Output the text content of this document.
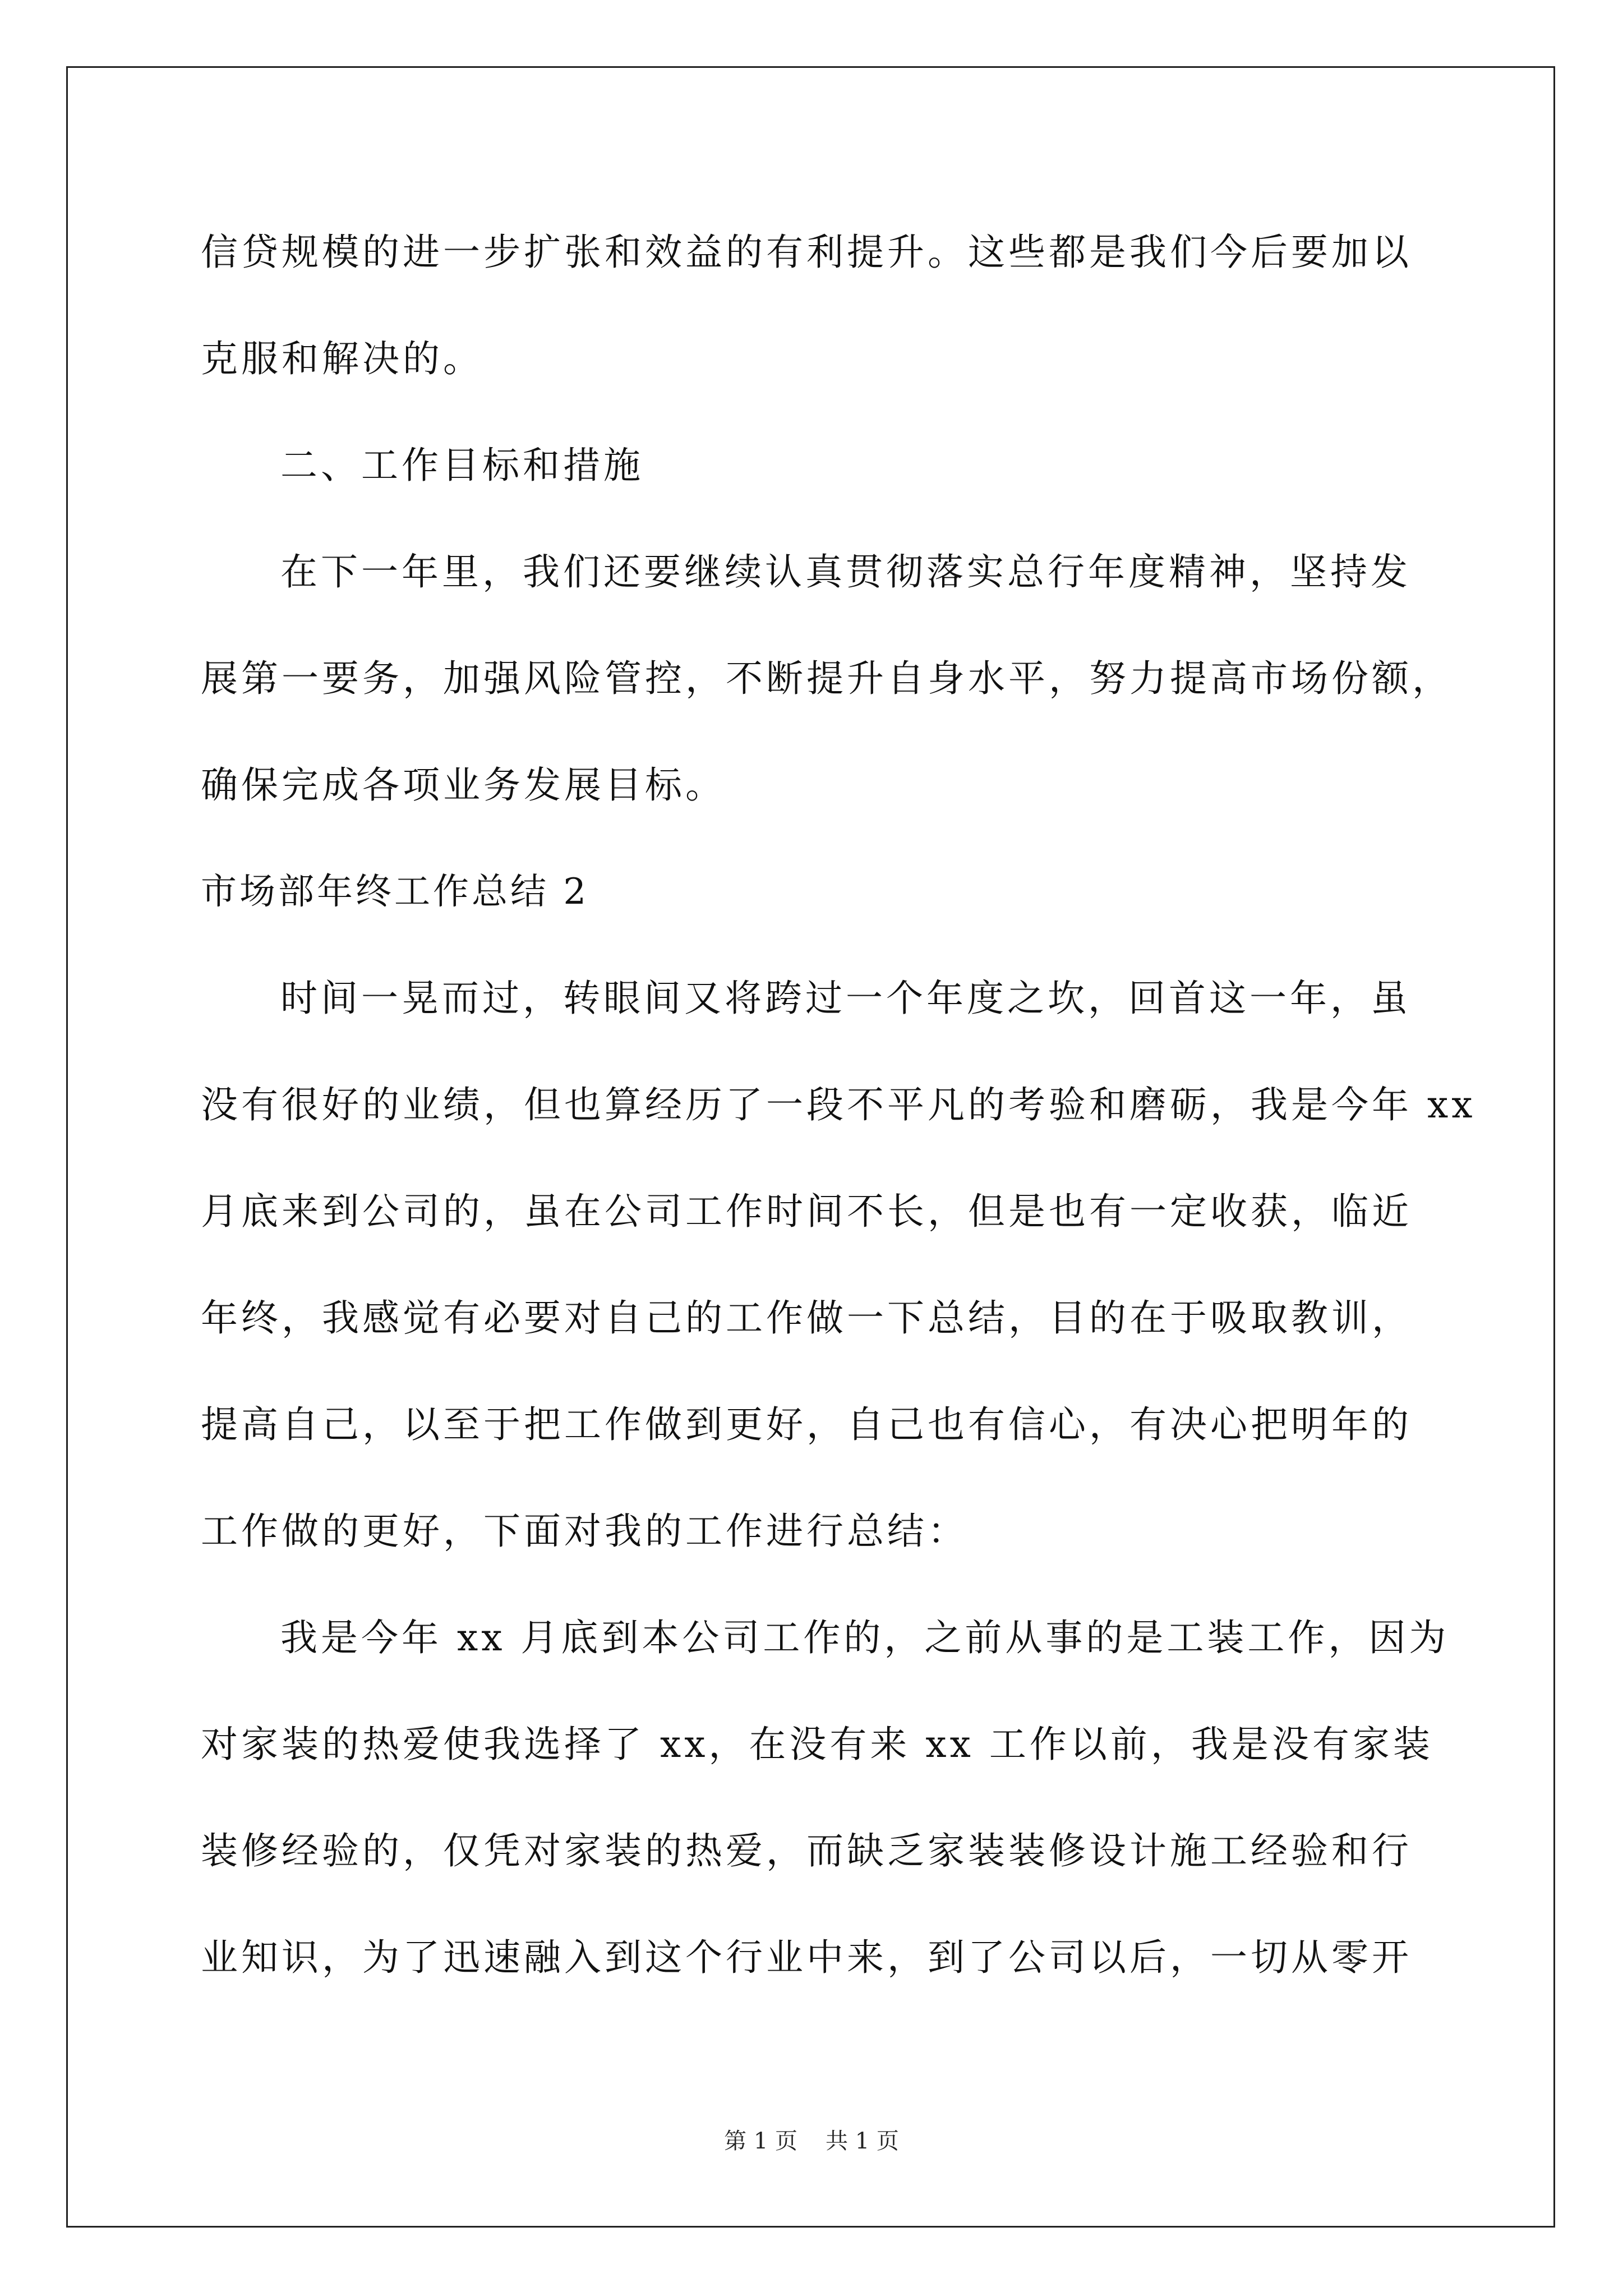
信贷规模的进一步扩张和效益的有利提升。这些都是我们今后要加以
克服和解决的。
二、工作目标和措施
在下一年里，我们还要继续认真贯彻落实总行年度精神，坚持发
展第一要务，加强风险管控，不断提升自身水平，努力提高市场份额，
确保完成各项业务发展目标。
市场部年终工作总结 2
时间一晃而过，转眼间又将跨过一个年度之坎，回首这一年，虽
没有很好的业绩，但也算经历了一段不平凡的考验和磨砺，我是今年 xx
月底来到公司的，虽在公司工作时间不长，但是也有一定收获，临近
年终，我感觉有必要对自己的工作做一下总结，目的在于吸取教训，
提高自己，以至于把工作做到更好，自己也有信心，有决心把明年的
工作做的更好，下面对我的工作进行总结：
我是今年 xx 月底到本公司工作的，之前从事的是工装工作，因为
对家装的热爱使我选择了 xx，在没有来 xx 工作以前，我是没有家装
装修经验的，仅凭对家装的热爱，而缺乏家装装修设计施工经验和行
业知识，为了迅速融入到这个行业中来，到了公司以后，一切从零开
第 1 页 共 1 页
